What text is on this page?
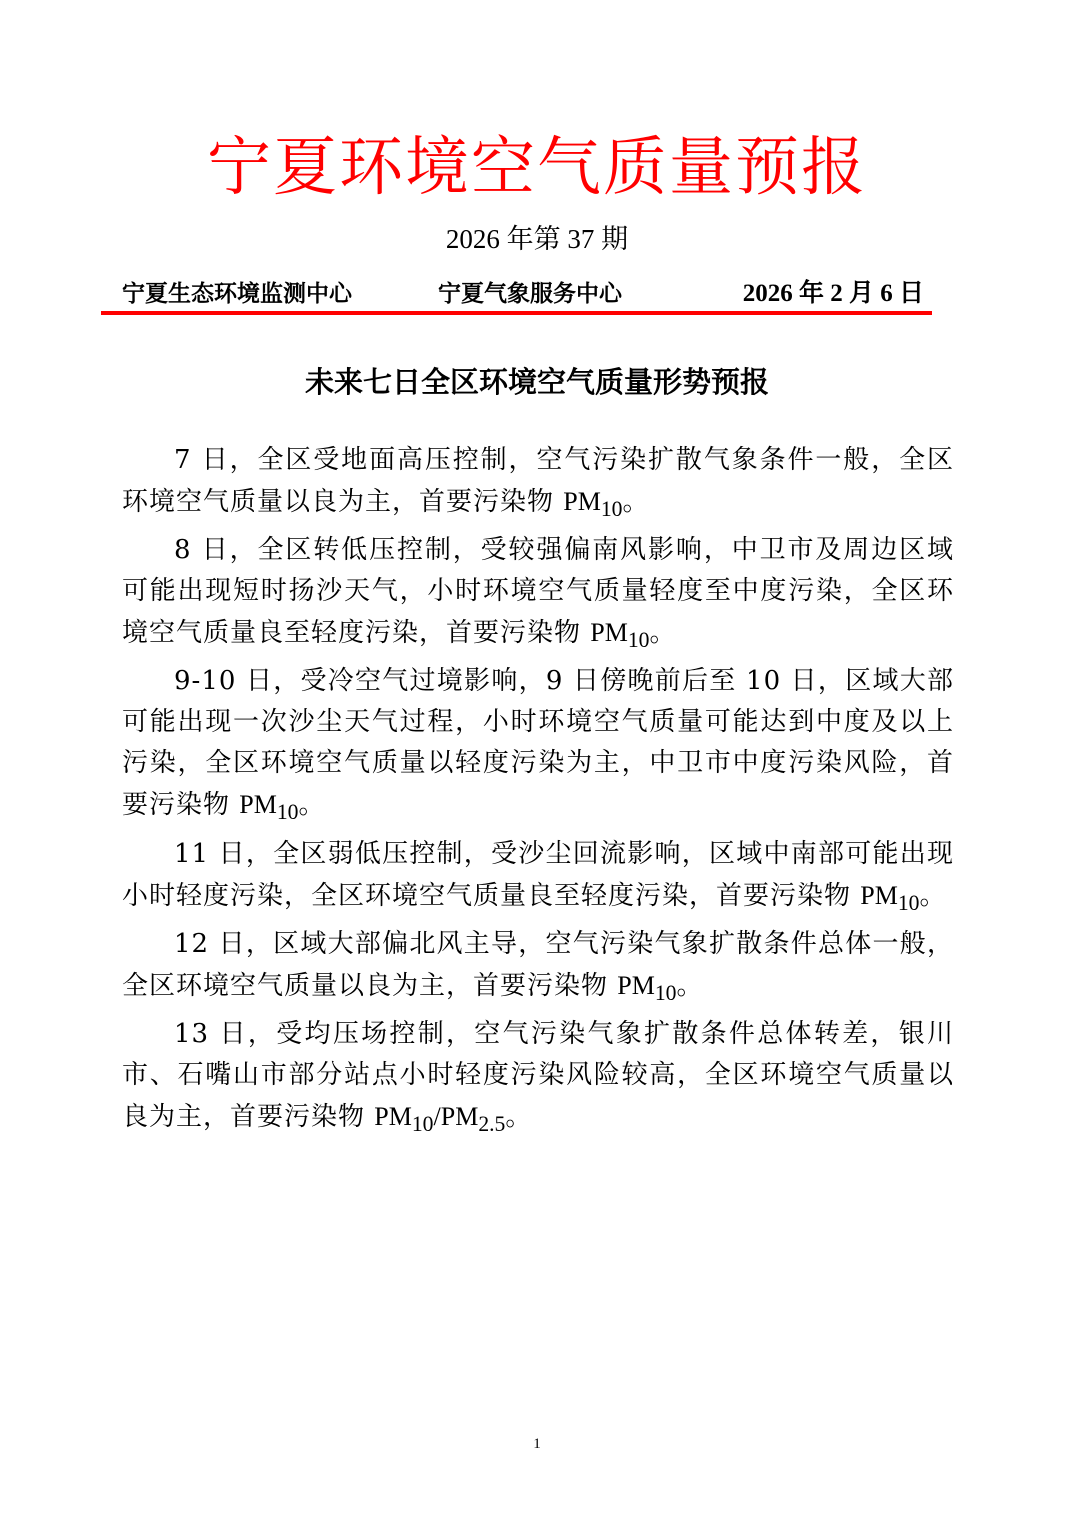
宁夏环境空气质量预报
2026 年第 37 期
宁夏生态环境监测中心	宁夏气象服务中心	2026 年 2 月 6 日
未来七日全区环境空气质量形势预报

7 日，全区受地面高压控制，空气污染扩散气象条件一般，全区环境空气质量以良为主，首要污染物 $PM_{10}$。

8 日，全区转低压控制，受较强偏南风影响，中卫市及周边区域可能出现短时扬沙天气，小时环境空气质量轻度至中度污染，全区环境空气质量良至轻度污染，首要污染物 $PM_{10}$。

9-10 日，受冷空气过境影响，9 日傍晚前后至 10 日，区域大部可能出现一次沙尘天气过程，小时环境空气质量可能达到中度及以上污染，全区环境空气质量以轻度污染为主，中卫市中度污染风险，首要污染物 $PM_{10}$。

11 日，全区弱低压控制，受沙尘回流影响，区域中南部可能出现小时轻度污染，全区环境空气质量良至轻度污染，首要污染物 $PM_{10}$。

12 日，区域大部偏北风主导，空气污染气象扩散条件总体一般，全区环境空气质量以良为主，首要污染物 $PM_{10}$。

13 日，受均压场控制，空气污染气象扩散条件总体转差，银川市、石嘴山市部分站点小时轻度污染风险较高，全区环境空气质量以良为主，首要污染物 $PM_{10}/PM_{2.5}$。

1
